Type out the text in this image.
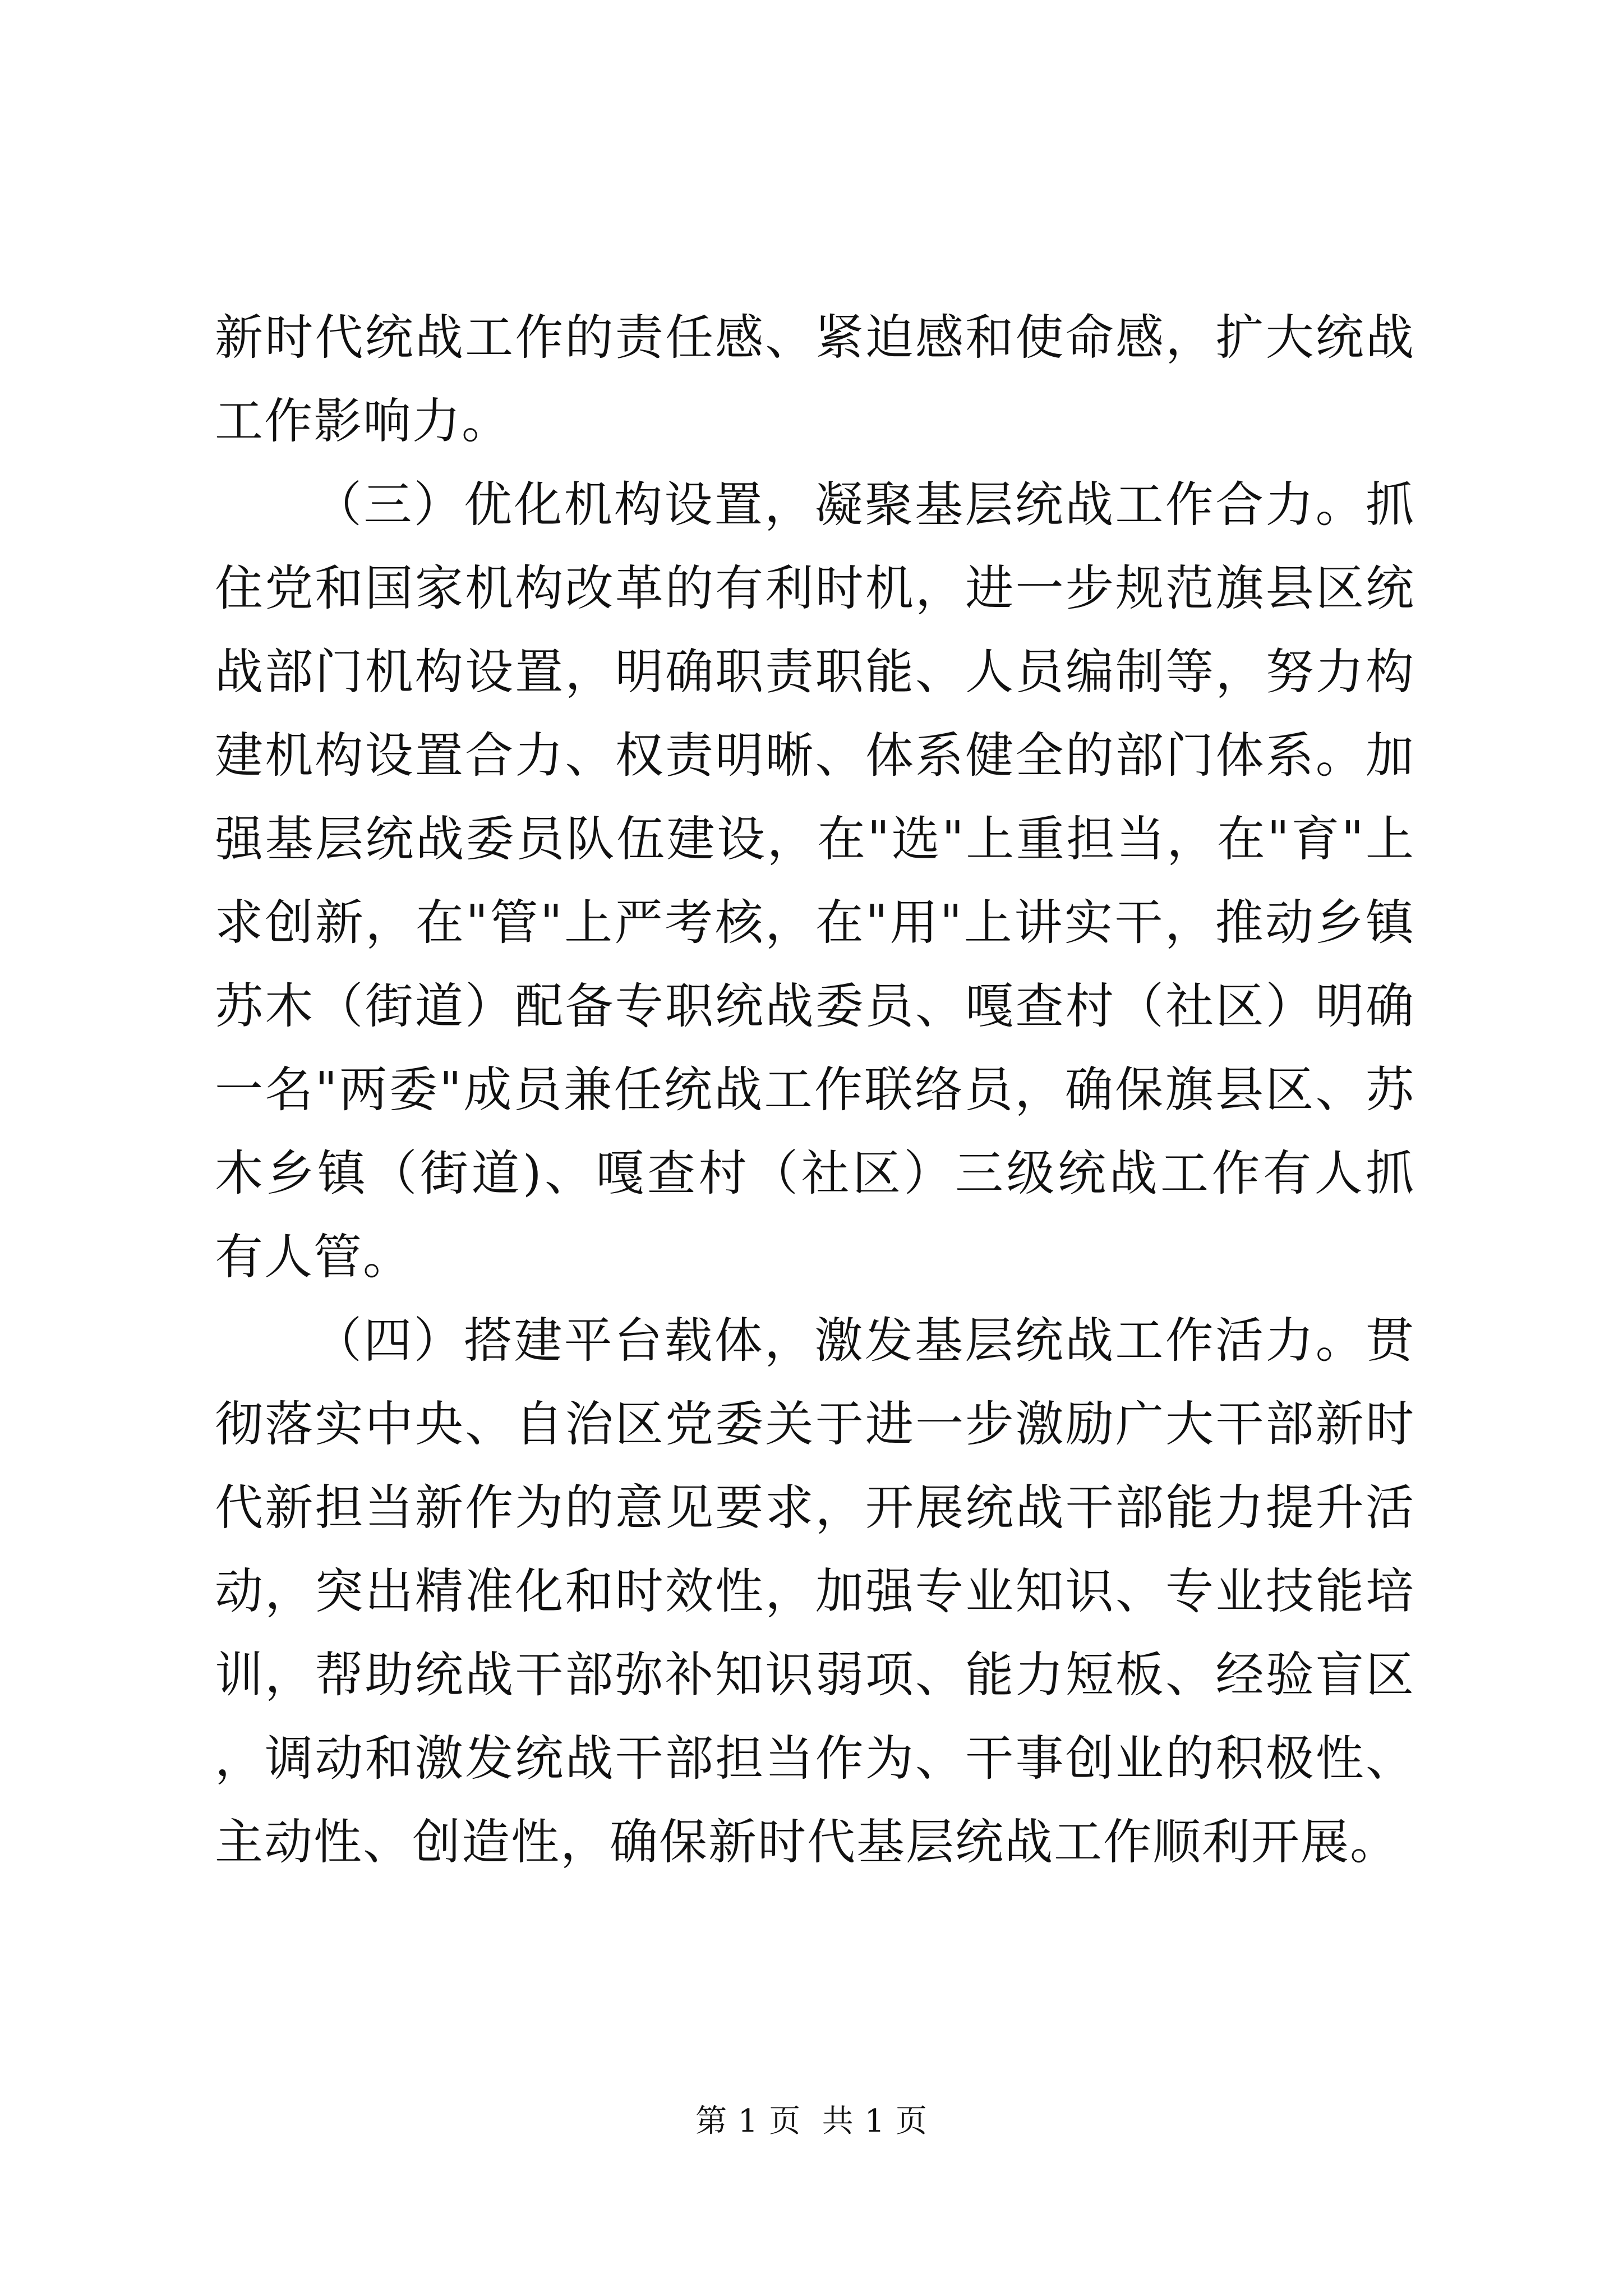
新时代统战工作的责任感、紧迫感和使命感，扩大统战工作影响力。

（三）优化机构设置，凝聚基层统战工作合力。抓住党和国家机构改革的有利时机，进一步规范旗县区统战部门机构设置，明确职责职能、人员编制等，努力构建机构设置合力、权责明晰、体系健全的部门体系。加强基层统战委员队伍建设，在"选"上重担当，在"育"上求创新，在"管"上严考核，在"用"上讲实干，推动乡镇苏木（街道）配备专职统战委员、嘎查村（社区）明确一名"两委"成员兼任统战工作联络员，确保旗县区、苏木乡镇（街道)、嘎查村（社区）三级统战工作有人抓有人管。

（四）搭建平台载体，激发基层统战工作活力。贯彻落实中央、自治区党委关于进一步激励广大干部新时代新担当新作为的意见要求，开展统战干部能力提升活动，突出精准化和时效性，加强专业知识、专业技能培训，帮助统战干部弥补知识弱项、能力短板、经验盲区，调动和激发统战干部担当作为、干事创业的积极性、主动性、创造性，确保新时代基层统战工作顺利开展。

第 1 页  共 1 页
